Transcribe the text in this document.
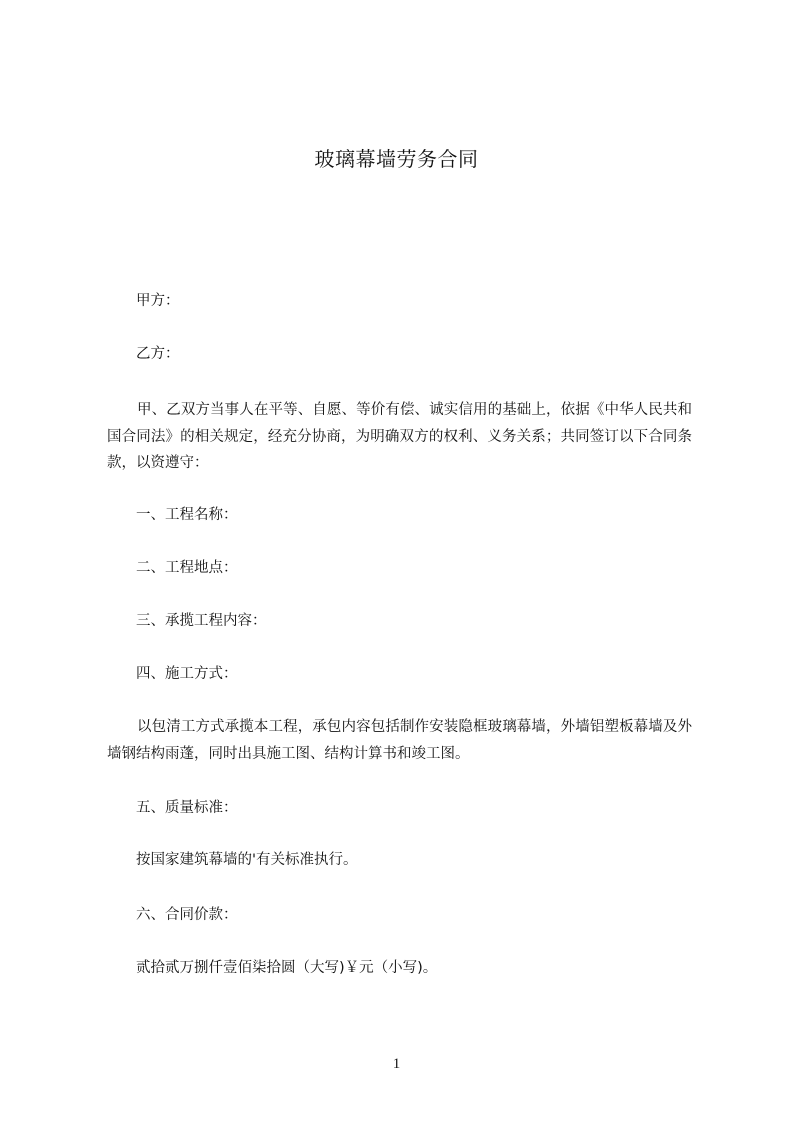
玻璃幕墙劳务合同
甲方：
乙方：
甲、乙双方当事人在平等、自愿、等价有偿、诚实信用的基础上，依据《中华人民共和国合同法》的相关规定，经充分协商，为明确双方的权利、义务关系；共同签订以下合同条款，以资遵守：
一、工程名称：
二、工程地点：
三、承揽工程内容：
四、施工方式：
以包清工方式承揽本工程，承包内容包括制作安装隐框玻璃幕墙，外墙铝塑板幕墙及外墙钢结构雨蓬，同时出具施工图、结构计算书和竣工图。
五、质量标准：
按国家建筑幕墙的'有关标准执行。
六、合同价款：
贰拾贰万捌仟壹佰柒拾圆（大写)￥元（小写)。
1
